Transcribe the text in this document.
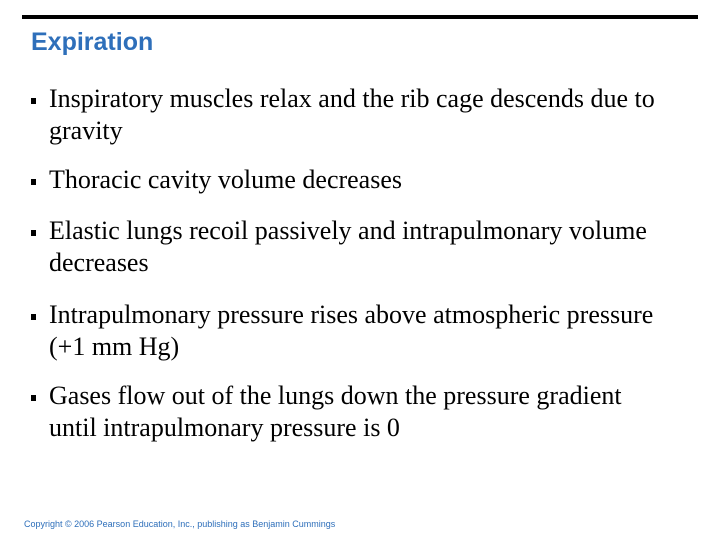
Expiration
Inspiratory muscles relax and the rib cage descends due to gravity
Thoracic cavity volume decreases
Elastic lungs recoil passively and intrapulmonary volume decreases
Intrapulmonary pressure rises above atmospheric pressure (+1 mm Hg)
Gases flow out of the lungs down the pressure gradient until intrapulmonary pressure is 0
Copyright © 2006 Pearson Education, Inc., publishing as Benjamin Cummings
